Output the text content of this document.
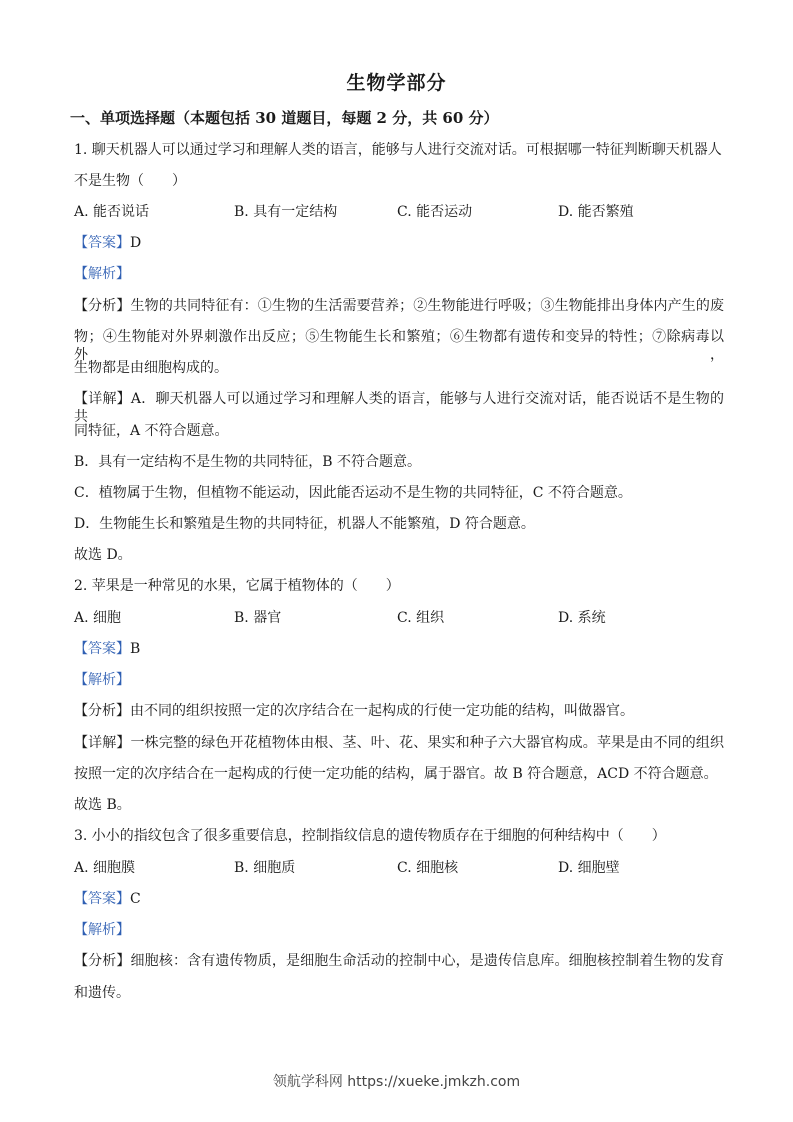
生物学部分
一、单项选择题（本题包括 30 道题目，每题 2 分，共 60 分）
1. 聊天机器人可以通过学习和理解人类的语言，能够与人进行交流对话。可根据哪一特征判断聊天机器人
不是生物（　　）
A. 能否说话	B. 具有一定结构	C. 能否运动	D. 能否繁殖
【答案】D
【解析】
【分析】生物的共同特征有：①生物的生活需要营养；②生物能进行呼吸；③生物能排出身体内产生的废
物；④生物能对外界刺激作出反应；⑤生物能生长和繁殖；⑥生物都有遗传和变异的特性；⑦除病毒以外，
生物都是由细胞构成的。
【详解】A．聊天机器人可以通过学习和理解人类的语言，能够与人进行交流对话，能否说话不是生物的共
同特征，A 不符合题意。
B．具有一定结构不是生物的共同特征，B 不符合题意。
C．植物属于生物，但植物不能运动，因此能否运动不是生物的共同特征，C 不符合题意。
D．生物能生长和繁殖是生物的共同特征，机器人不能繁殖，D 符合题意。
故选 D。
2. 苹果是一种常见的水果，它属于植物体的（　　）
A. 细胞	B. 器官	C. 组织	D. 系统
【答案】B
【解析】
【分析】由不同的组织按照一定的次序结合在一起构成的行使一定功能的结构，叫做器官。
【详解】一株完整的绿色开花植物体由根、茎、叶、花、果实和种子六大器官构成。苹果是由不同的组织
按照一定的次序结合在一起构成的行使一定功能的结构，属于器官。故 B 符合题意，ACD 不符合题意。
故选 B。
3. 小小的指纹包含了很多重要信息，控制指纹信息的遗传物质存在于细胞的何种结构中（　　）
A. 细胞膜	B. 细胞质	C. 细胞核	D. 细胞壁
【答案】C
【解析】
【分析】细胞核：含有遗传物质，是细胞生命活动的控制中心，是遗传信息库。细胞核控制着生物的发育
和遗传。
领航学科网 https://xueke.jmkzh.com
